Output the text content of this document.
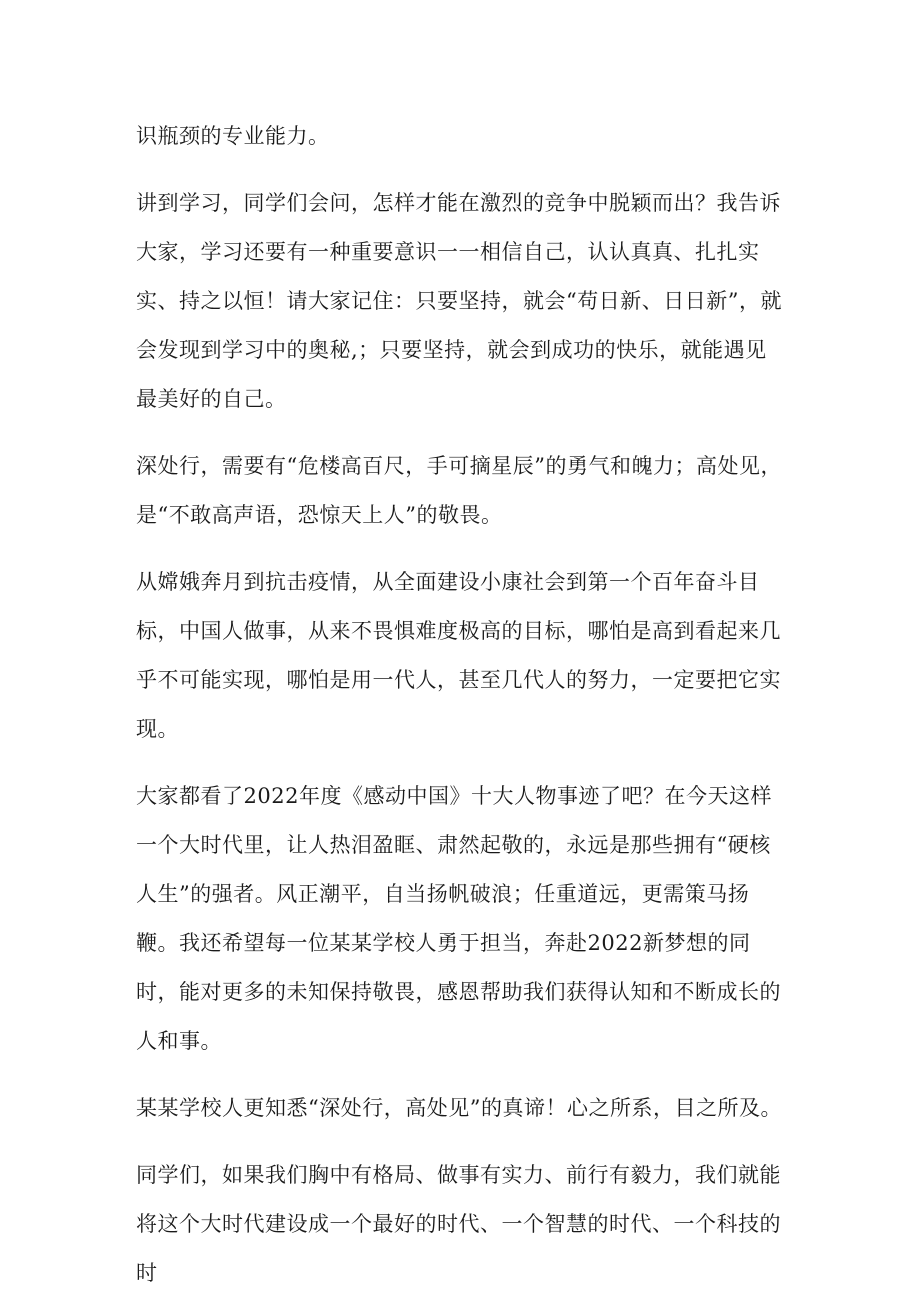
识瓶颈的专业能力。

讲到学习，同学们会问，怎样才能在激烈的竞争中脱颖而出？我告诉大家，学习还要有一种重要意识一一相信自己，认认真真、扎扎实实、持之以恒！请大家记住：只要坚持，就会“苟日新、日日新”，就会发现到学习中的奥秘,；只要坚持，就会到成功的快乐，就能遇见最美好的自己。

深处行，需要有“危楼高百尺，手可摘星辰”的勇气和魄力；高处见，是“不敢高声语，恐惊天上人”的敬畏。

从嫦娥奔月到抗击疫情，从全面建设小康社会到第一个百年奋斗目标，中国人做事，从来不畏惧难度极高的目标，哪怕是高到看起来几乎不可能实现，哪怕是用一代人，甚至几代人的努力，一定要把它实现。

大家都看了2022年度《感动中国》十大人物事迹了吧？在今天这样一个大时代里，让人热泪盈眶、肃然起敬的，永远是那些拥有“硬核人生”的强者。风正潮平，自当扬帆破浪；任重道远，更需策马扬鞭。我还希望每一位某某学校人勇于担当，奔赴2022新梦想的同时，能对更多的未知保持敬畏，感恩帮助我们获得认知和不断成长的人和事。

某某学校人更知悉“深处行，高处见”的真谛！心之所系，目之所及。

同学们，如果我们胸中有格局、做事有实力、前行有毅力，我们就能将这个大时代建设成一个最好的时代、一个智慧的时代、一个科技的时
